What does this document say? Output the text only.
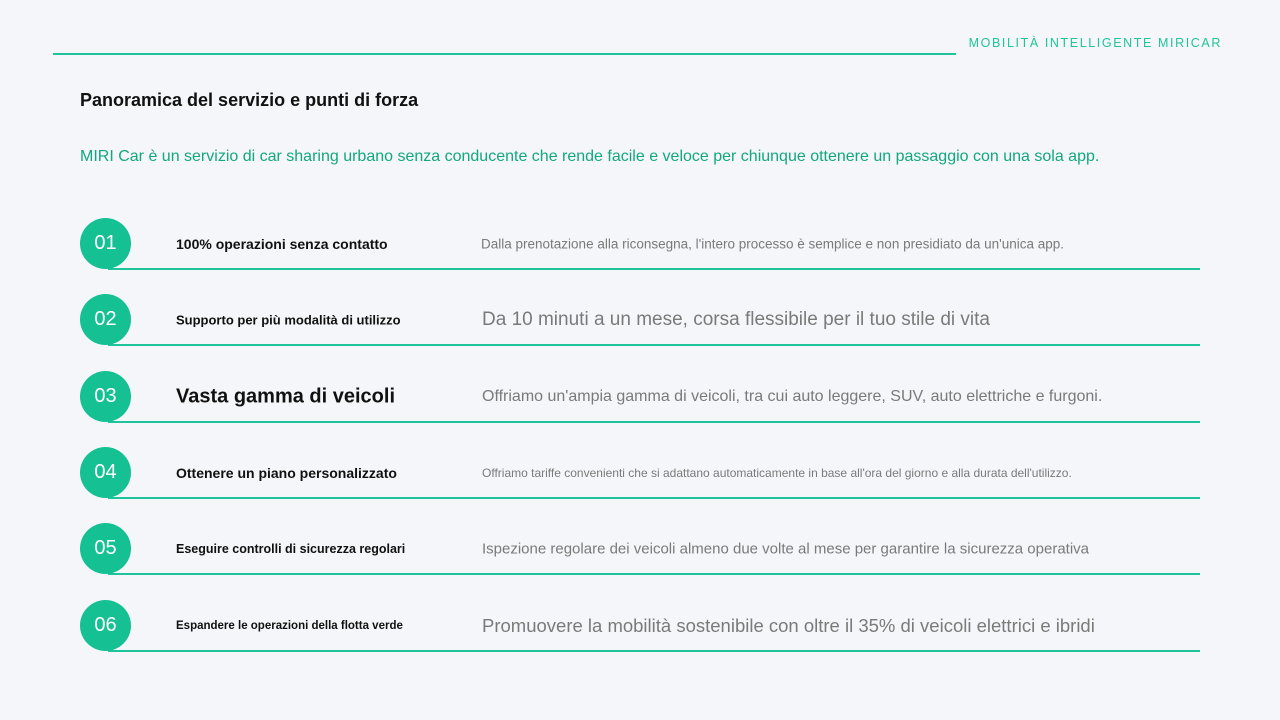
MOBILITÀ INTELLIGENTE MIRICAR
Panoramica del servizio e punti di forza
MIRI Car è un servizio di car sharing urbano senza conducente che rende facile e veloce per chiunque ottenere un passaggio con una sola app.
01	100% operazioni senza contatto	Dalla prenotazione alla riconsegna, l'intero processo è semplice e non presidiato da un'unica app.
02	Supporto per più modalità di utilizzo	Da 10 minuti a un mese, corsa flessibile per il tuo stile di vita
03	Vasta gamma di veicoli	Offriamo un'ampia gamma di veicoli, tra cui auto leggere, SUV, auto elettriche e furgoni.
04	Ottenere un piano personalizzato	Offriamo tariffe convenienti che si adattano automaticamente in base all'ora del giorno e alla durata dell'utilizzo.
05	Eseguire controlli di sicurezza regolari	Ispezione regolare dei veicoli almeno due volte al mese per garantire la sicurezza operativa
06	Espandere le operazioni della flotta verde	Promuovere la mobilità sostenibile con oltre il 35% di veicoli elettrici e ibridi
